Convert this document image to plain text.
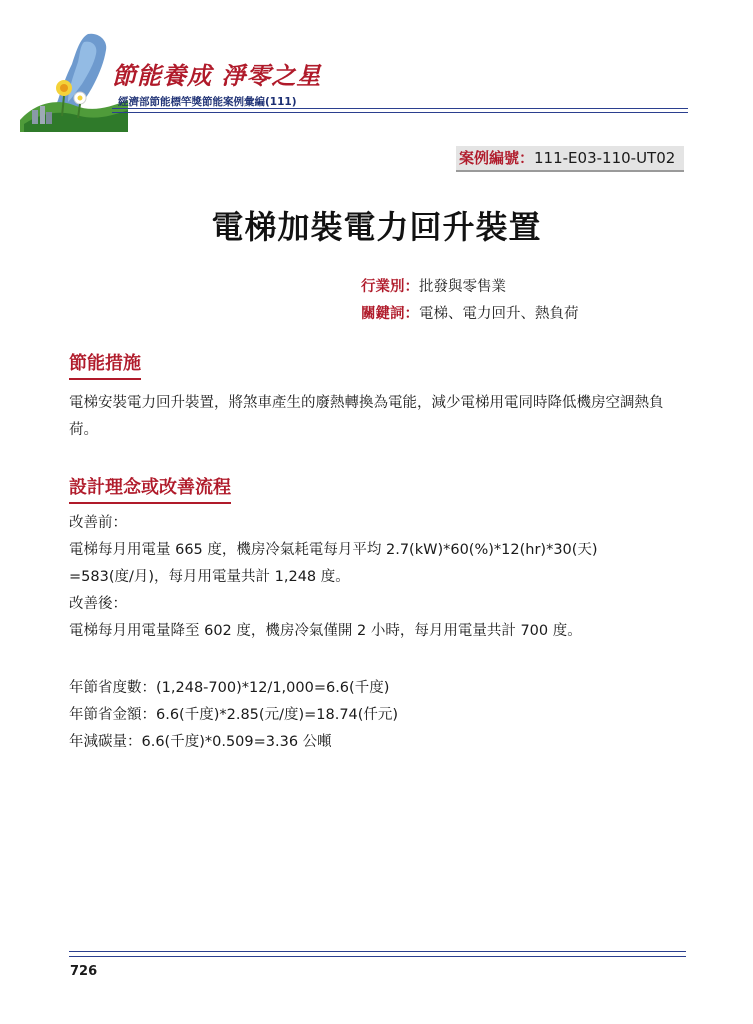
節能養成 淨零之星
經濟部節能標竿獎節能案例彙編(111)
案例編號：111-E03-110-UT02
電梯加裝電力回升裝置
行業別：批發與零售業
關鍵詞：電梯、電力回升、熱負荷
節能措施
電梯安裝電力回升裝置，將煞車產生的廢熱轉換為電能，減少電梯用電同時降低機房空調熱負荷。
設計理念或改善流程
改善前：
電梯每月用電量 665 度，機房冷氣耗電每月平均 2.7(kW)*60(%)*12(hr)*30(天)
=583(度/月)，每月用電量共計 1,248 度。
改善後：
電梯每月用電量降至 602 度，機房冷氣僅開 2 小時，每月用電量共計 700 度。
年節省度數：(1,248-700)*12/1,000=6.6(千度)
年節省金額：6.6(千度)*2.85(元/度)=18.74(仟元)
年減碳量：6.6(千度)*0.509=3.36 公噸
726
